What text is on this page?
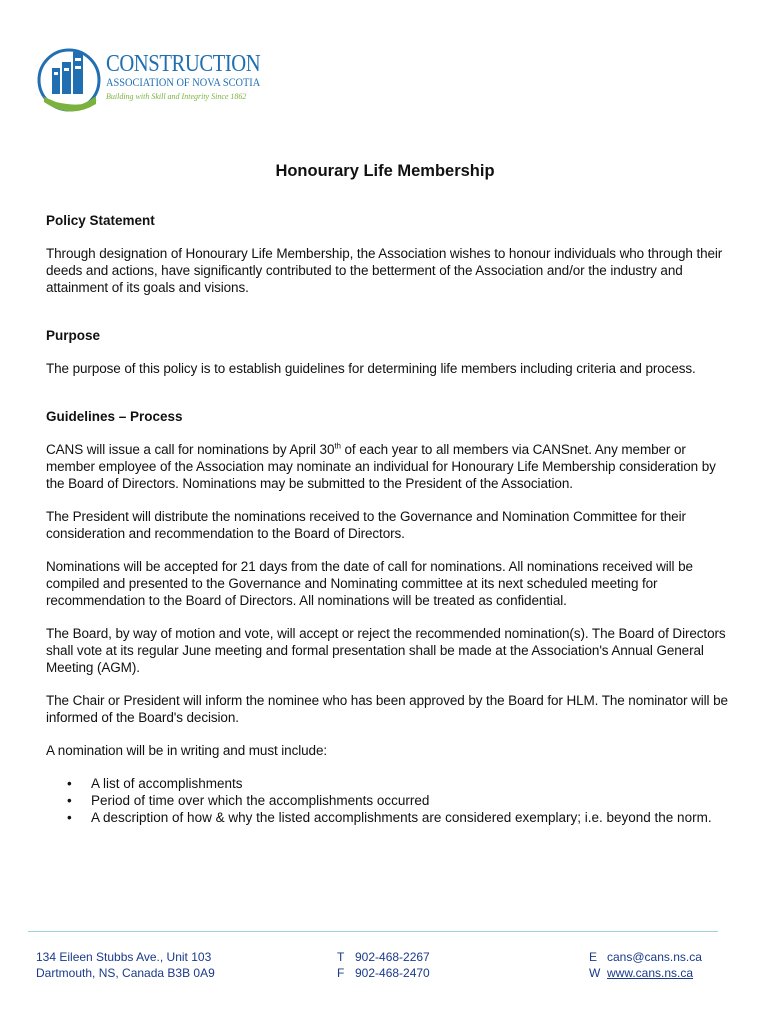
CONSTRUCTION
ASSOCIATION OF NOVA SCOTIA
Building with Skill and Integrity Since 1862
Honourary Life Membership
Policy Statement

Through designation of Honourary Life Membership, the Association wishes to honour individuals who through their deeds and actions, have significantly contributed to the betterment of the Association and/or the industry and attainment of its goals and visions.

Purpose

The purpose of this policy is to establish guidelines for determining life members including criteria and process.

Guidelines – Process

CANS will issue a call for nominations by April 30th of each year to all members via CANSnet. Any member or member employee of the Association may nominate an individual for Honourary Life Membership consideration by the Board of Directors. Nominations may be submitted to the President of the Association.

The President will distribute the nominations received to the Governance and Nomination Committee for their consideration and recommendation to the Board of Directors.

Nominations will be accepted for 21 days from the date of call for nominations. All nominations received will be compiled and presented to the Governance and Nominating committee at its next scheduled meeting for recommendation to the Board of Directors. All nominations will be treated as confidential.

The Board, by way of motion and vote, will accept or reject the recommended nomination(s). The Board of Directors shall vote at its regular June meeting and formal presentation shall be made at the Association's Annual General Meeting (AGM).

The Chair or President will inform the nominee who has been approved by the Board for HLM. The nominator will be informed of the Board's decision.

A nomination will be in writing and must include:

• A list of accomplishments
• Period of time over which the accomplishments occurred
• A description of how & why the listed accomplishments are considered exemplary; i.e. beyond the norm.
134 Eileen Stubbs Ave., Unit 103
Dartmouth, NS, Canada B3B 0A9
T 902-468-2267
F 902-468-2470
E cans@cans.ns.ca
W www.cans.ns.ca
